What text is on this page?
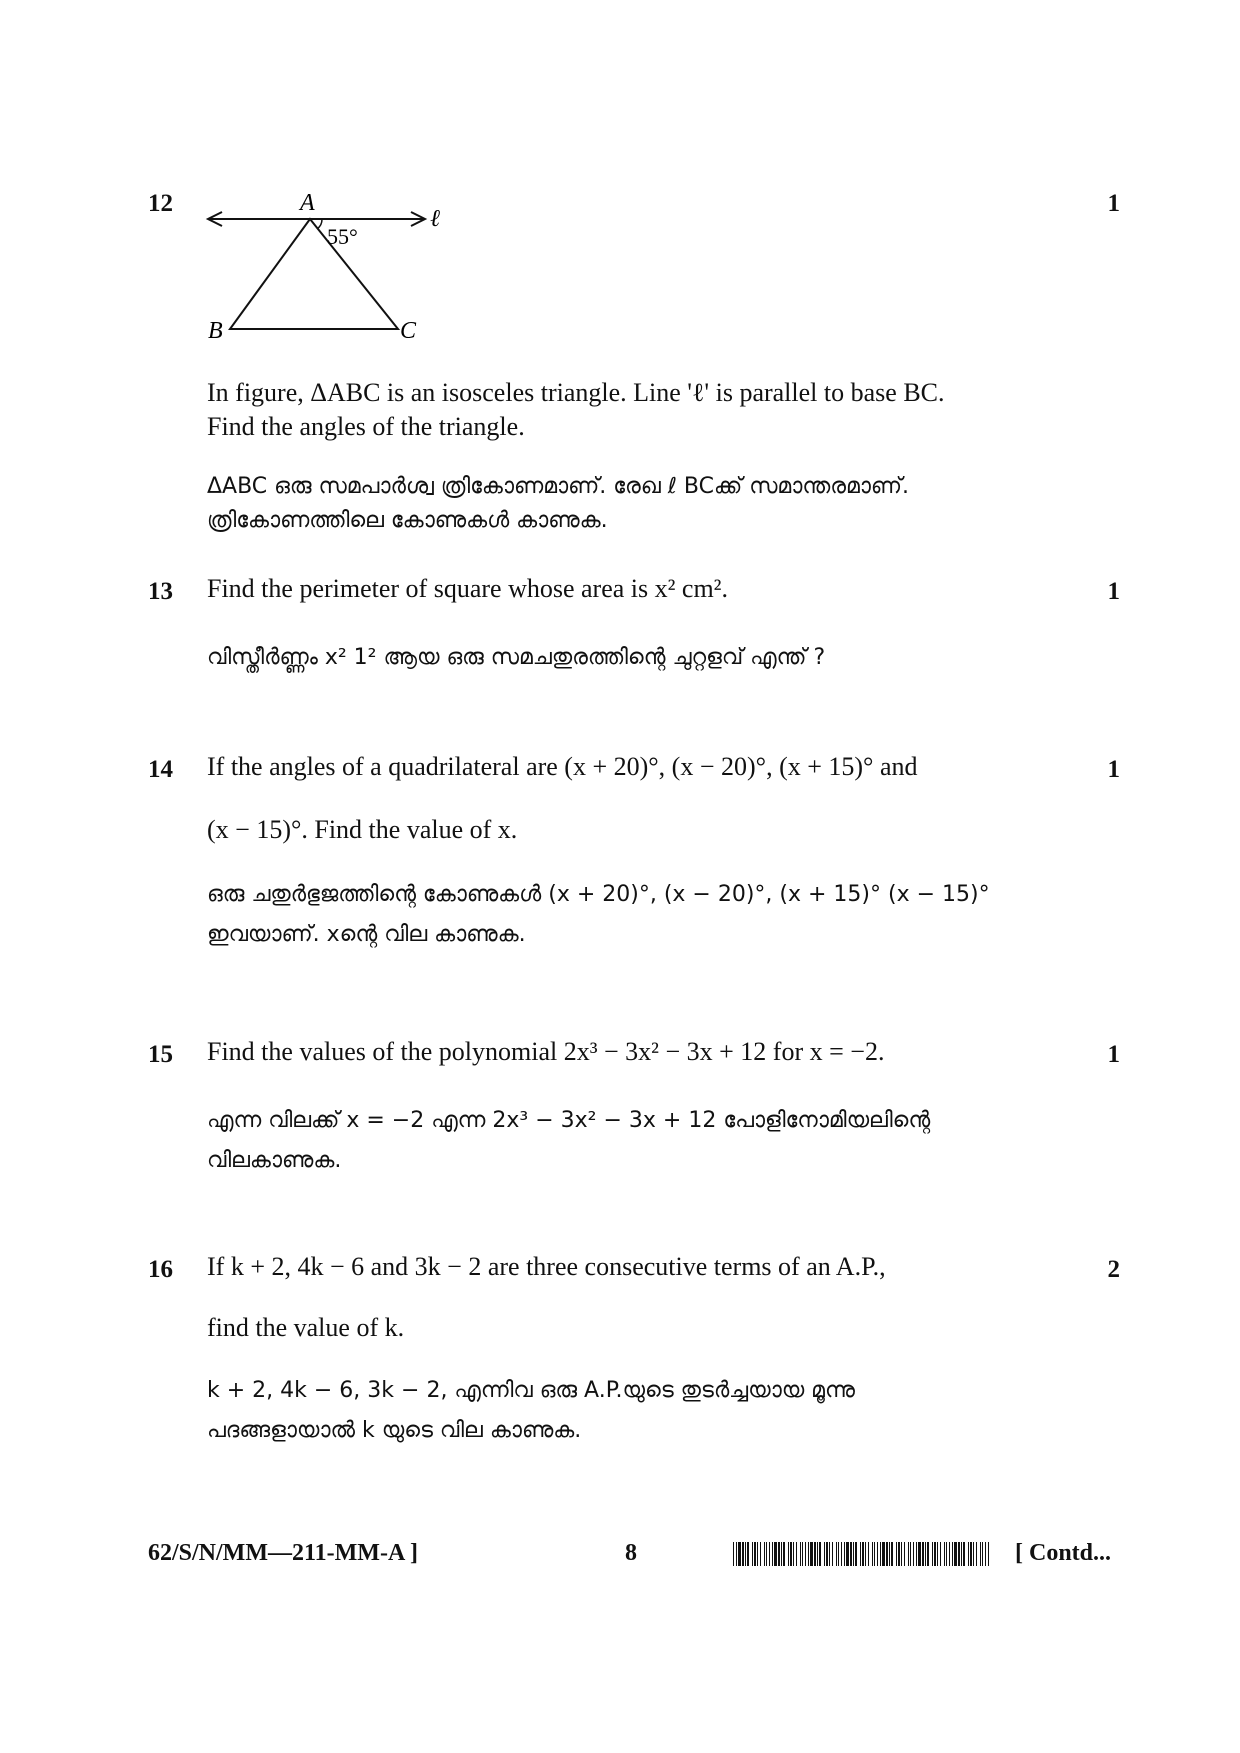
12	1
A
ℓ
55°
B	C
In figure, ΔABC is an isosceles triangle. Line 'ℓ' is parallel to base BC.
Find the angles of the triangle.
ΔABC ഒരു സമപാർശ്വ ത്രികോണമാണ്. രേഖ ℓ BCക്ക് സമാന്തരമാണ്.
ത്രികോണത്തിലെ കോണുകൾ കാണുക.
13	1
Find the perimeter of square whose area is x² cm².
വിസ്തീർണ്ണം x² 1² ആയ ഒരു സമചതുരത്തിന്റെ ചുറ്റളവ് എന്ത് ?
14	1
If the angles of a quadrilateral are (x + 20)°, (x − 20)°, (x + 15)° and
(x − 15)°. Find the value of x.
ഒരു ചതുർഭുജത്തിന്റെ കോണുകൾ (x + 20)°, (x − 20)°, (x + 15)° (x − 15)°
ഇവയാണ്. xന്റെ വില കാണുക.
15	1
Find the values of the polynomial 2x³ − 3x² − 3x + 12 for x = −2.
എന്ന വിലക്ക് x = −2 എന്ന 2x³ − 3x² − 3x + 12 പോളിനോമിയലിന്റെ
വിലകാണുക.
16	2
If k + 2, 4k − 6 and 3k − 2 are three consecutive terms of an A.P.,
find the value of k.
k + 2, 4k − 6, 3k − 2, എന്നിവ ഒരു A.P.യുടെ തുടർച്ചയായ മൂന്നു
പദങ്ങളായാൽ k യുടെ വില കാണുക.
62/S/N/MM—211-MM-A ]	8	[ Contd...
